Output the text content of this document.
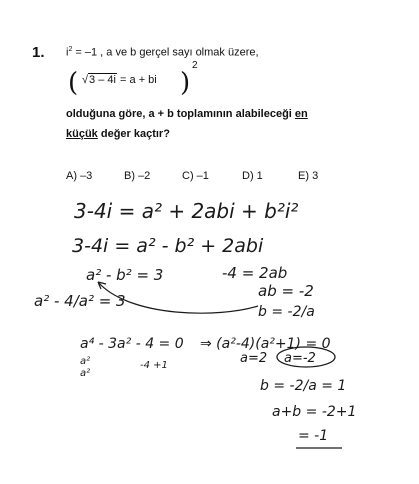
1. $i^2 = -1$ , a ve b gerçel sayı olmak üzere,
( √3 – 4i = a + bi )
2
olduğuna göre, a + b toplamının alabileceği en
küçük değer kaçtır?
A) –3	B) –2	C) –1	D) 1	E) 3
3-4i = a² + 2abi + b²i²
3-4i = a² - b² + 2abi
a² - b² = 3	-4 = 2ab
ab = -2
a² - 4/a² = 3
b = -2/a
a⁴ - 3a² - 4 = 0 ⇒ (a²-4)(a²+1) = 0
a²
a²
-4 +1	a=2 a=-2
b = -2/a = 1
a+b = -2+1
= -1
